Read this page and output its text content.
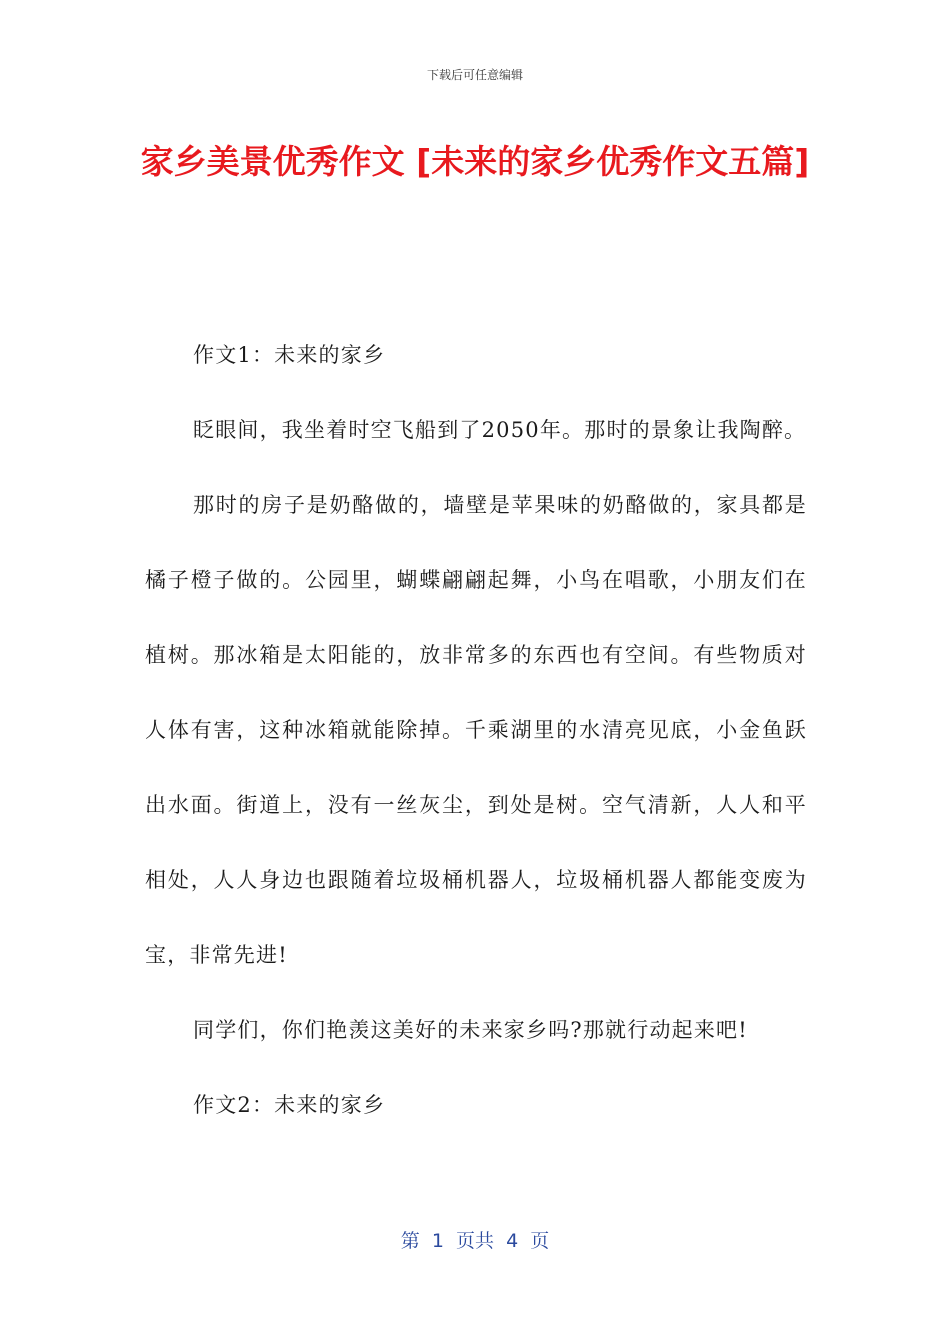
下载后可任意编辑
家乡美景优秀作文 [未来的家乡优秀作文五篇]

作文1：未来的家乡

眨眼间，我坐着时空飞船到了2050年。那时的景象让我陶醉。

那时的房子是奶酪做的，墙壁是苹果味的奶酪做的，家具都是橘子橙子做的。公园里，蝴蝶翩翩起舞，小鸟在唱歌，小朋友们在植树。那冰箱是太阳能的，放非常多的东西也有空间。有些物质对人体有害，这种冰箱就能除掉。千乘湖里的水清亮见底，小金鱼跃出水面。街道上，没有一丝灰尘，到处是树。空气清新，人人和平相处，人人身边也跟随着垃圾桶机器人，垃圾桶机器人都能变废为宝，非常先进!

同学们，你们艳羡这美好的未来家乡吗?那就行动起来吧!

作文2：未来的家乡

第  1  页共  4  页
